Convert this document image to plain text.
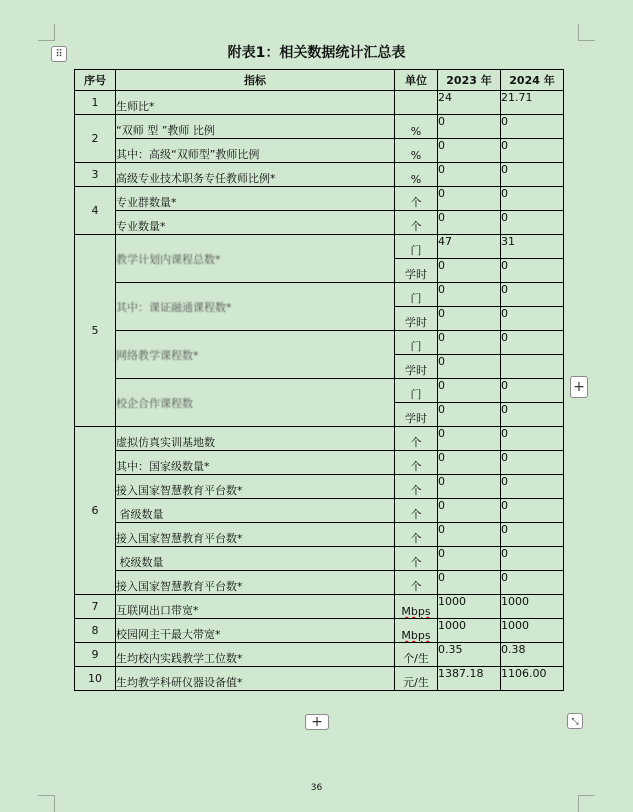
⠿
+
+	⤡
附表1：相关数据统计汇总表
序号	指标	单位	2023 年	2024 年
1	生师比*		24	21.71
2	“双师 型 ”教师 比例	%	0	0
	其中：高级“双师型”教师比例	%	0	0
3	高级专业技术职务专任教师比例*	%	0	0
4	专业群数量*	个	0	0
	专业数量*	个	0	0
5	教学计划内课程总数*	门	47	31
		学时	0	0
	其中：课证融通课程数*	门	0	0
		学时	0	0
	网络教学课程数*	门	0	0
		学时	0	
	校企合作课程数	门	0	0
		学时	0	0
6	虚拟仿真实训基地数	个	0	0
	其中：国家级数量*	个	0	0
	接入国家智慧教育平台数*	个	0	0
	省级数量	个	0	0
	接入国家智慧教育平台数*	个	0	0
	校级数量	个	0	0
	接入国家智慧教育平台数*	个	0	0
7	互联网出口带宽*	Mbps	1000	1000
8	校园网主干最大带宽*	Mbps	1000	1000
9	生均校内实践教学工位数*	个/生	0.35	0.38
10	生均教学科研仪器设备值*	元/生	1387.18	1106.00
36
